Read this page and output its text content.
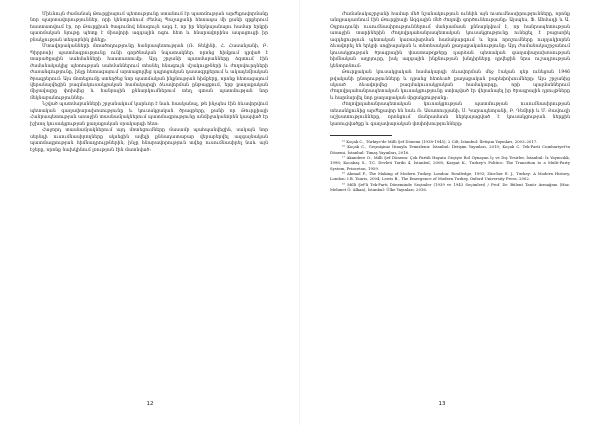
Միևնույն ժամանակ Թուրքիայում պետությունը ստանում էր պատմության արժեքավորմանը նոր պարտավորություններ, որի կենտրոնում Ժեմալ Պաշալյանի հետագա մի քանի գրքերում հաստատվում էր, որ Թուրքիան ծագումով հնագույն ազգ է, որ իր ներկայանալու համար երկրի պատմական նյութը պետք է միավորի ազգային ոգու հետ և հնարավորինս ապացուցի իր բնակչության տեղաբնիկ լինելը։

Մտավորականների մտածողությունը հանրապետության (Ռ. Տեկինի, Հ. Հասանյանի, Բ. Պիրրոսի) պատմագրությունը ունի գործնական նպատակներ, որոնց հիմքում դրված է տարածքային սահմանների հաստատումը։ Այդ շրջանի պատմաբանները ձգտում էին ժամանակակից պետության սահմաններում տեսնել հնագույն մշակույթների և ժողովուրդների ժառանգությունը, ինչը հետագայում արտացոլվեց դպրոցական դասագրքերում և ակադեմիական ծրագրերում։ Այս մոտեցումը ստեղծեց նոր պատմական ինքնության հիմքերը, որոնք հետագայում վերանայվեցին բազմակուսակցական համակարգի ձևավորման ընթացքում, երբ քաղաքական միջավայրը փոխվեց և հանրային քննարկումներում տեղ գտան պատմության նոր մեկնաբանություններ։

Նշված պատմաբանների շրջանակում կարևոր է նաև հասկանալ, թե ինչպես էին ձևավորվում պետական գաղափարախոսությունը և կուսակցական ծրագրերը, քանի որ Թուրքիայի Հանրապետության առաջին տասնամյակներում պատմագրությունը անմիջականորեն կապված էր իշխող կուսակցության քաղաքական օրակարգի հետ։

Հաջորդ տասնամյակներում այդ մոտեցումները մասամբ պահպանվեցին, սակայն նոր սերնդի ուսումնասիրողները սկսեցին ավելի քննադատաբար վերաբերվել ազգայնական պատմագրության հիմնադրույթներին, ինչը հնարավորություն տվեց ուսումնասիրել նաև այն էջերը, որոնք նախկինում լռության էին մատնված։

12

Ժամանակաշրջանի համար մեծ նշանակություն ունեին այն ուսումնասիրությունները, որոնք անդրադառնում էին Թուրքիայի Ազգային մեծ ժողովի գործունեությանը։ Այսպես, Ֆ. Ահմադի և Ա. Օզբուդունի ուսումնասիրություններում մանրամասն քննարկվում է, որ հանրապետության առաջին տարիներին Ժողովրդահանրապետական կուսակցությունը ունեցել է բացառիկ ազդեցություն պետական կառավարման համակարգում և նրա որոշումները ուղղակիորեն ձևավորել են երկրի սոցիալական և տնտեսական քաղաքականությունը։ Այդ ժամանակաշրջանում կուսակցության ծրագրային փաստաթղթերը դարձան պետական գաղափարախոսության հիմնական աղբյուրը, իսկ ազգային ինքնության խնդիրները դրվեցին նրա ուշադրության կենտրոնում։

Թուրքական կուսակցական համակարգի ձևավորման մեջ էական դեր ունեցան 1946 թվականի ընտրությունները և դրանց հետևած քաղաքական բարեփոխումները։ Այս շրջանից սկսած ձևավորվեց բազմակուսակցական համակարգը, որի պայմաններում Ժողովրդահանրապետական կուսակցությունը ստիպված էր վերանայել իր ծրագրային դրույթները և հարմարվել նոր քաղաքական մրցակցությանը։

Ժողովրդահանրապետական կուսակցության պատմության ուսումնասիրության տեսանկյունից արժեքավոր են նաև Ռ. Ասատուրյանի, Ս. Կարապետյանի, Բ. Դեմիրի և Մ. Յավուզի աշխատությունները, որոնցում մանրամասն ներկայացված է կուսակցության ներքին կառուցվածքը և գաղափարական փոփոխությունները։

¹⁵ Koçak C., Türkiye'de Milli Şef Dönemi (1938-1945), 2 Cilt, İstanbul: İletişim Yayınları, 2003–2017.

¹⁶ Koçak C., Geçmişiniz İtinayla Temizlenir. İstanbul: İletişim Yayınları, 2010; Koçak C. Tek-Parti Cumhuriyet'in Dönemi, İstanbul: Timaş Yayınları, 2016.

¹⁷ Akandere O., Milli Şef Dönemi: Çok Partili Hayata Geçişte Rol Oynayan İç ve Dış Tesirler, İstanbul: İz Yayıncılık, 1998; Kocabaş S., T.C. Devleti Tarihi 4, İstanbul, 2008; Karpat K., Turkey's Politics: The Transition to a Multi-Party System, Princeton, 1959.

¹⁸ Ahmad F., The Making of Modern Turkey, London: Routledge, 1993; Zürcher E. J., Turkey: A Modern History, London: I.B. Tauris, 2004; Lewis B., The Emergence of Modern Turkey, Oxford University Press, 2002.

¹⁹ Milli Şef'li Tek-Parti Döneminde Seçimler (1939 ve 1943 Seçimleri) / Prof. Dr. Bülent Tanör Armağanı (Haz. Mehmet Ö. Alkan), İstanbul: Ülke Yayınları, 2016.

13
